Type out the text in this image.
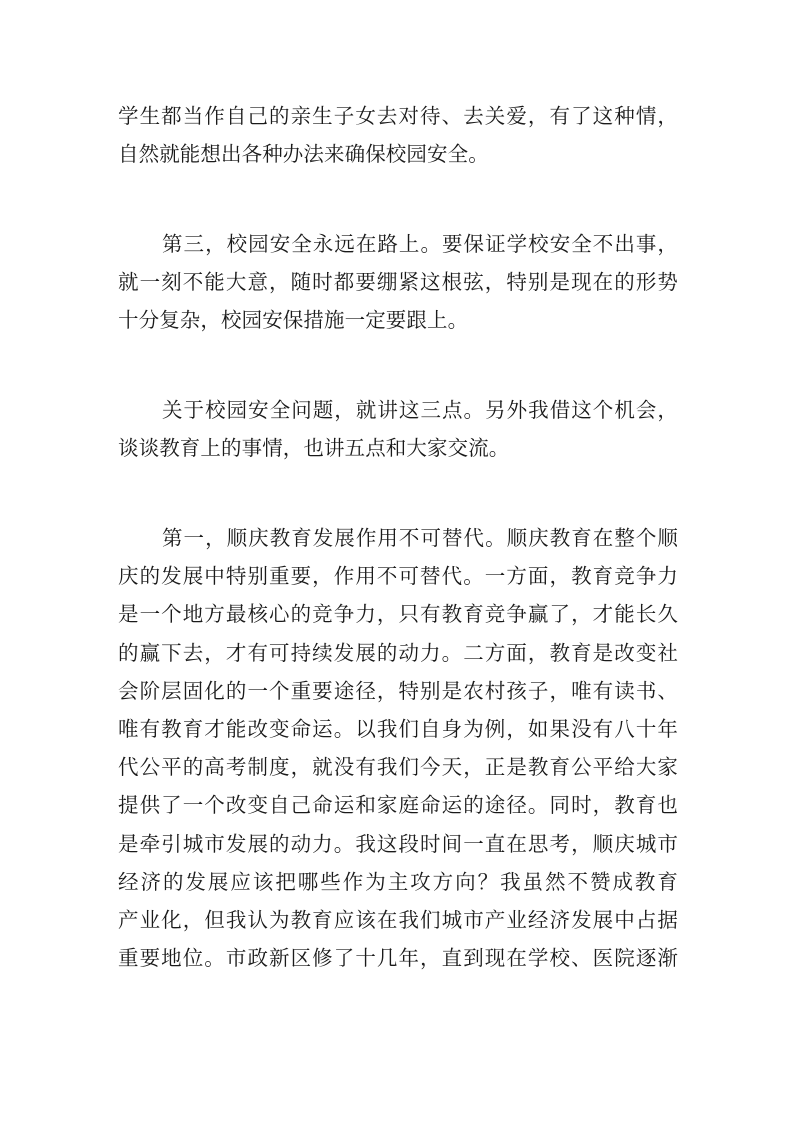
学生都当作自己的亲生子女去对待、去关爱，有了这种情，
自然就能想出各种办法来确保校园安全。
第三，校园安全永远在路上。要保证学校安全不出事，
就一刻不能大意，随时都要绷紧这根弦，特别是现在的形势
十分复杂，校园安保措施一定要跟上。
关于校园安全问题，就讲这三点。另外我借这个机会，
谈谈教育上的事情，也讲五点和大家交流。
第一，顺庆教育发展作用不可替代。顺庆教育在整个顺
庆的发展中特别重要，作用不可替代。一方面，教育竞争力
是一个地方最核心的竞争力，只有教育竞争赢了，才能长久
的赢下去，才有可持续发展的动力。二方面，教育是改变社
会阶层固化的一个重要途径，特别是农村孩子，唯有读书、
唯有教育才能改变命运。以我们自身为例，如果没有八十年
代公平的高考制度，就没有我们今天，正是教育公平给大家
提供了一个改变自己命运和家庭命运的途径。同时，教育也
是牵引城市发展的动力。我这段时间一直在思考，顺庆城市
经济的发展应该把哪些作为主攻方向？我虽然不赞成教育
产业化，但我认为教育应该在我们城市产业经济发展中占据
重要地位。市政新区修了十几年，直到现在学校、医院逐渐
